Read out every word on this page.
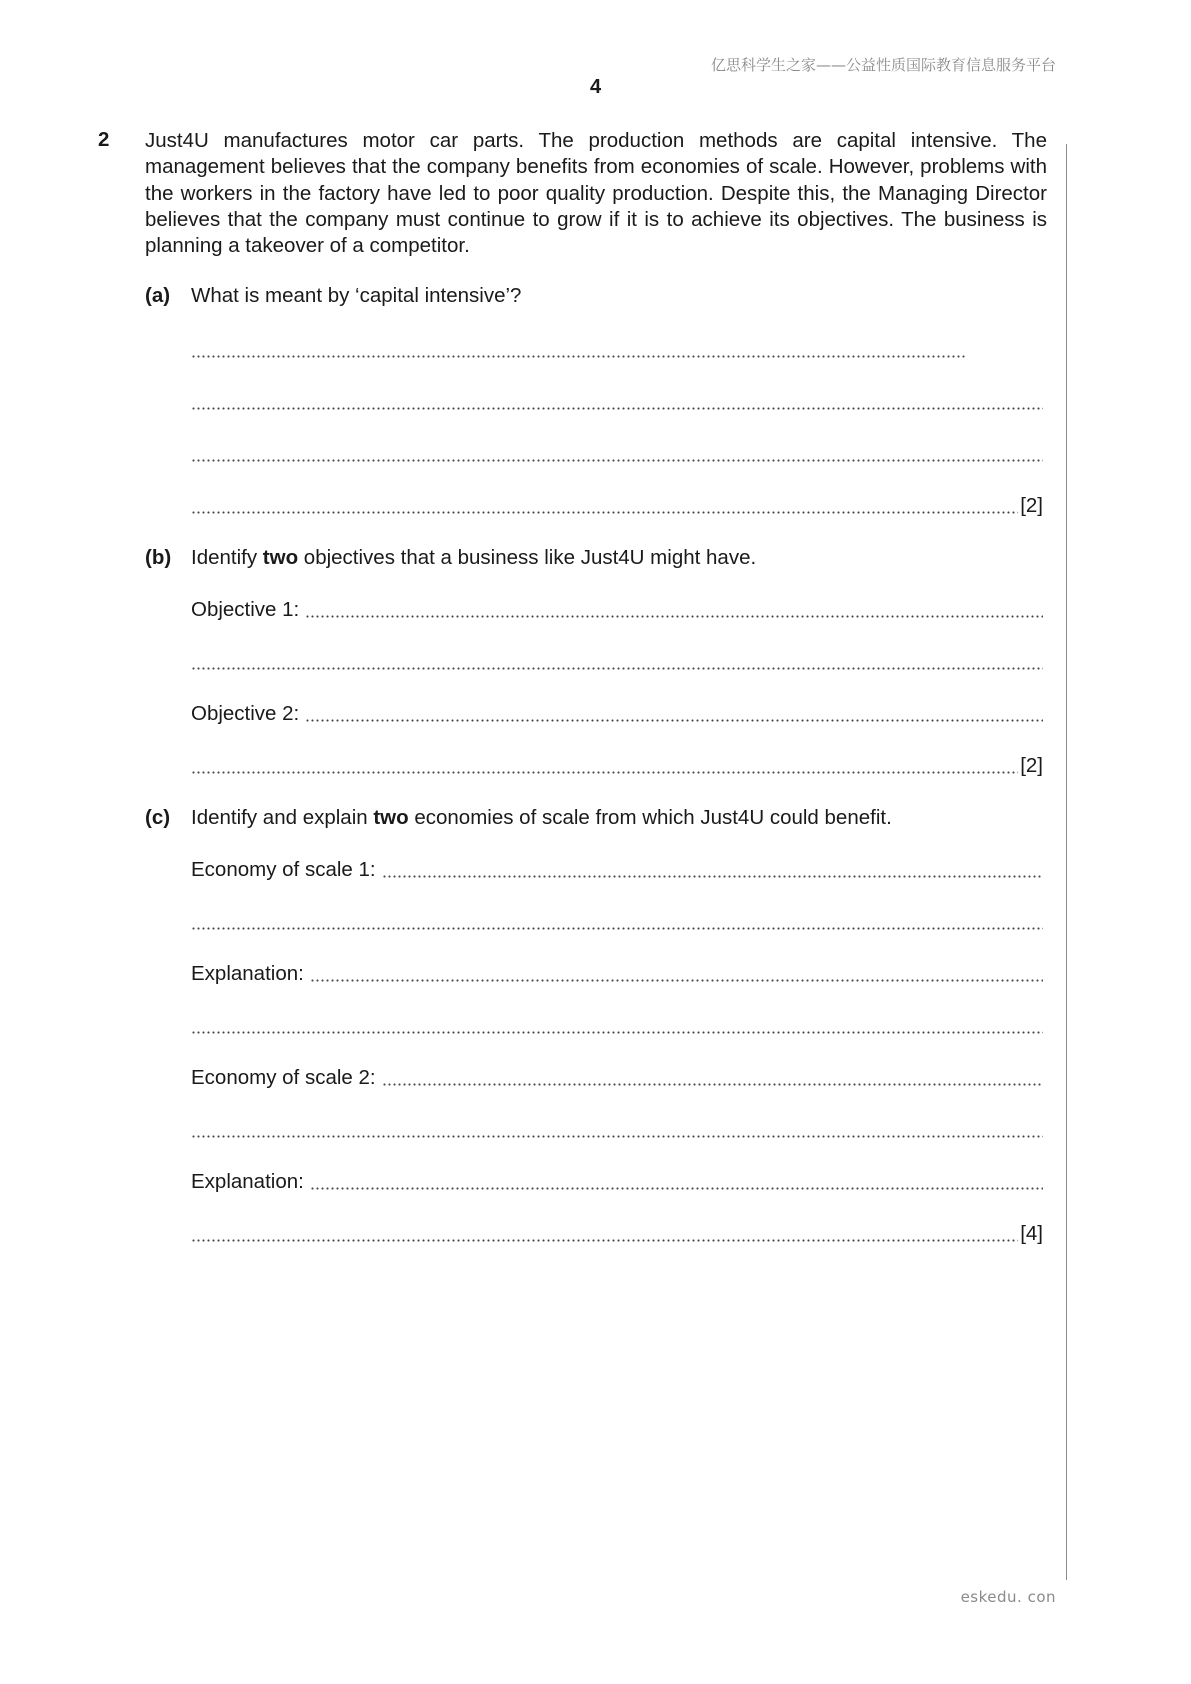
亿思科学生之家——公益性质国际教育信息服务平台
4
2 Just4U manufactures motor car parts. The production methods are capital intensive. The management believes that the company benefits from economies of scale. However, problems with the workers in the factory have led to poor quality production. Despite this, the Managing Director believes that the company must continue to grow if it is to achieve its objectives. The business is planning a takeover of a competitor.
(a) What is meant by ‘capital intensive’?
[2]
(b) Identify two objectives that a business like Just4U might have.
Objective 1:
Objective 2:
[2]
(c) Identify and explain two economies of scale from which Just4U could benefit.
Economy of scale 1:
Explanation:
Economy of scale 2:
Explanation:
[4]
eskedu. con
